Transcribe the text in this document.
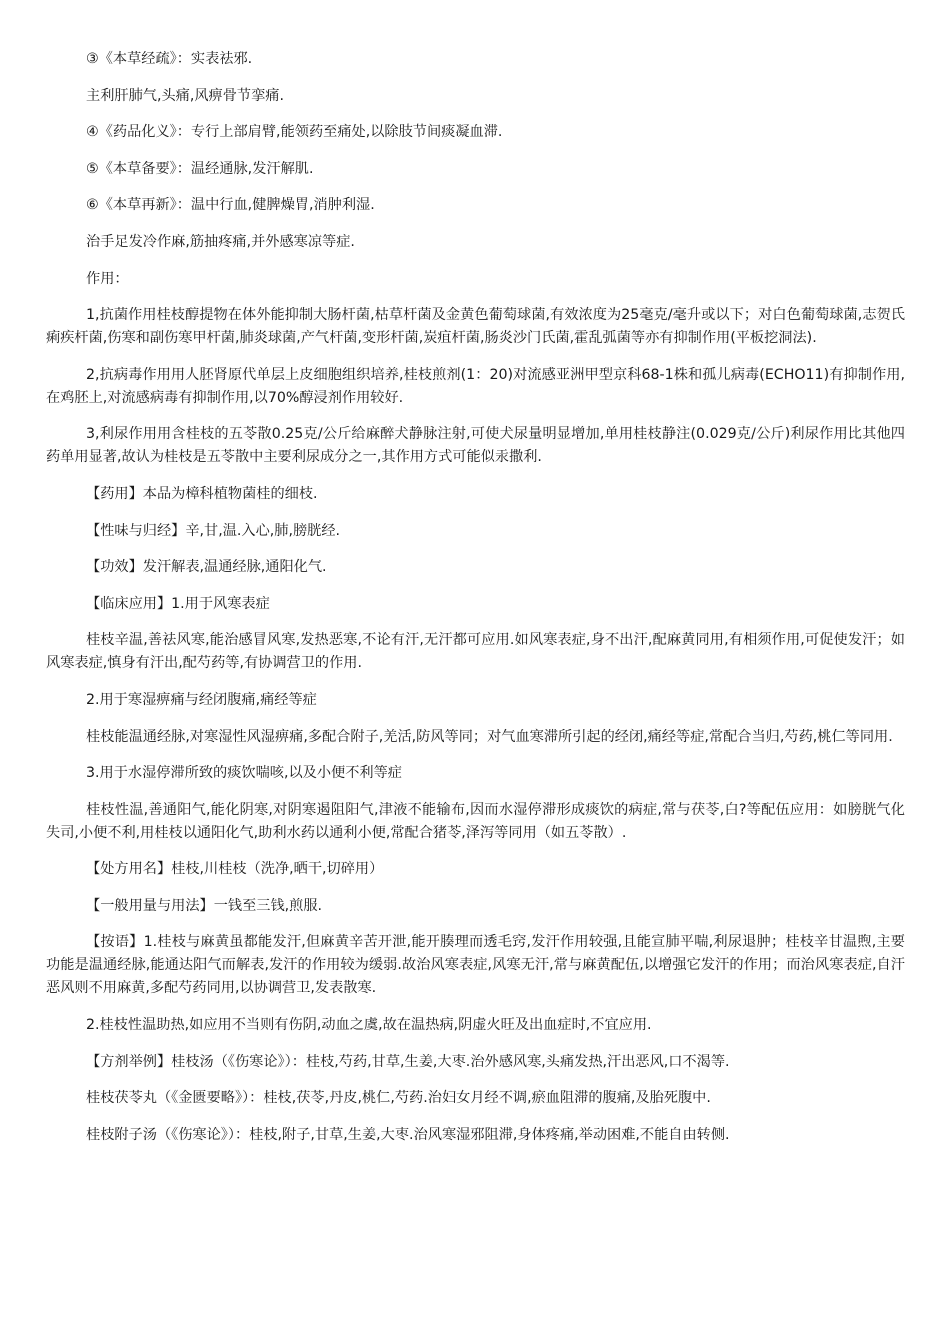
③《本草经疏》：实表祛邪.

主利肝肺气,头痛,风痹骨节挛痛.

④《药品化义》：专行上部肩臂,能领药至痛处,以除肢节间痰凝血滞.

⑤《本草备要》：温经通脉,发汗解肌.

⑥《本草再新》：温中行血,健脾燥胃,消肿利湿.

治手足发冷作麻,筋抽疼痛,并外感寒凉等症.

作用：

1,抗菌作用桂枝醇提物在体外能抑制大肠杆菌,枯草杆菌及金黄色葡萄球菌,有效浓度为25毫克/毫升或以下；对白色葡萄球菌,志贺氏痢疾杆菌,伤寒和副伤寒甲杆菌,肺炎球菌,产气杆菌,变形杆菌,炭疽杆菌,肠炎沙门氏菌,霍乱弧菌等亦有抑制作用(平板挖洞法).

2,抗病毒作用用人胚肾原代单层上皮细胞组织培养,桂枝煎剂(1：20)对流感亚洲甲型京科68-1株和孤儿病毒(ECHO11)有抑制作用,在鸡胚上,对流感病毒有抑制作用,以70%醇浸剂作用较好.

3,利尿作用用含桂枝的五苓散0.25克/公斤给麻醉犬静脉注射,可使犬尿量明显增加,单用桂枝静注(0.029克/公斤)利尿作用比其他四药单用显著,故认为桂枝是五苓散中主要利尿成分之一,其作用方式可能似汞撒利.

【药用】本品为樟科植物菌桂的细枝.

【性味与归经】辛,甘,温.入心,肺,膀胱经.

【功效】发汗解表,温通经脉,通阳化气.

【临床应用】1.用于风寒表症

桂枝辛温,善祛风寒,能治感冒风寒,发热恶寒,不论有汗,无汗都可应用.如风寒表症,身不出汗,配麻黄同用,有相须作用,可促使发汗；如风寒表症,慎身有汗出,配芍药等,有协调营卫的作用.

2.用于寒湿痹痛与经闭腹痛,痛经等症

桂枝能温通经脉,对寒湿性风湿痹痛,多配合附子,羌活,防风等同；对气血寒滞所引起的经闭,痛经等症,常配合当归,芍药,桃仁等同用.

3.用于水湿停滞所致的痰饮喘咳,以及小便不利等症

桂枝性温,善通阳气,能化阴寒,对阴寒遏阻阳气,津液不能输布,因而水湿停滞形成痰饮的病症,常与茯苓,白?等配伍应用：如膀胱气化失司,小便不利,用桂枝以通阳化气,助利水药以通利小便,常配合猪苓,泽泻等同用（如五苓散）.

【处方用名】桂枝,川桂枝（洗净,晒干,切碎用）

【一般用量与用法】一钱至三钱,煎服.

【按语】1.桂枝与麻黄虽都能发汗,但麻黄辛苦开泄,能开腠理而透毛窍,发汗作用较强,且能宣肺平喘,利尿退肿；桂枝辛甘温煦,主要功能是温通经脉,能通达阳气而解表,发汗的作用较为缓弱.故治风寒表症,风寒无汗,常与麻黄配伍,以增强它发汗的作用；而治风寒表症,自汗恶风则不用麻黄,多配芍药同用,以协调营卫,发表散寒.

2.桂枝性温助热,如应用不当则有伤阴,动血之虞,故在温热病,阴虚火旺及出血症时,不宜应用.

【方剂举例】桂枝汤（《伤寒论》）：桂枝,芍药,甘草,生姜,大枣.治外感风寒,头痛发热,汗出恶风,口不渴等.

桂枝茯苓丸（《金匮要略》）：桂枝,茯苓,丹皮,桃仁,芍药.治妇女月经不调,瘀血阻滞的腹痛,及胎死腹中.

桂枝附子汤（《伤寒论》）：桂枝,附子,甘草,生姜,大枣.治风寒湿邪阻滞,身体疼痛,举动困难,不能自由转侧.
